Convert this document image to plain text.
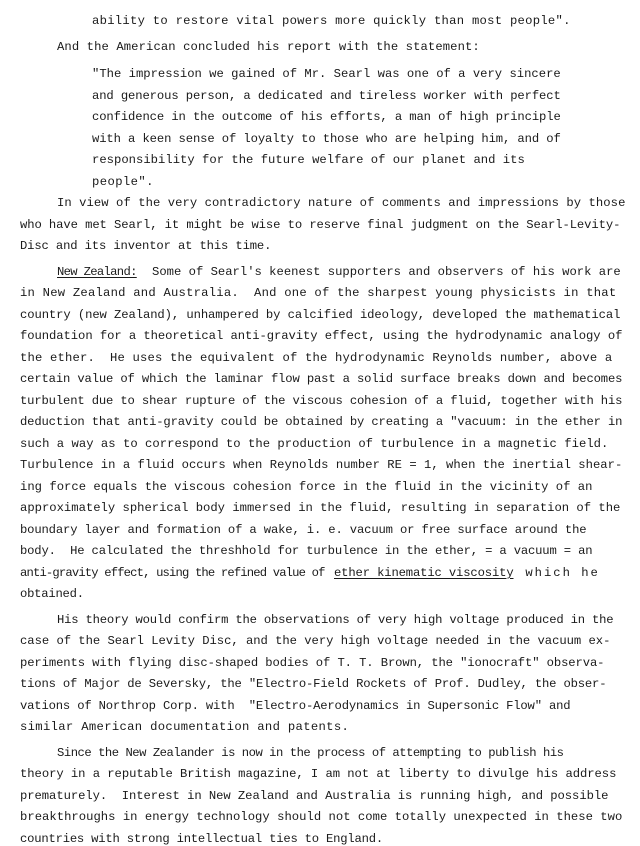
ability to restore vital powers more quickly than most people".
And the American concluded his report with the statement:
"The impression we gained of Mr. Searl was one of a very sincere
and generous person, a dedicated and tireless worker with perfect
confidence in the outcome of his efforts, a man of high principle
with a keen sense of loyalty to those who are helping him, and of
responsibility for the future welfare of our planet and its
people".
In view of the very contradictory nature of comments and impressions by those
who have met Searl, it might be wise to reserve final judgment on the Searl-Levity-
Disc and its inventor at this time.
New Zealand: Some of Searl's keenest supporters and observers of his work are
in New Zealand and Australia.  And one of the sharpest young physicists in that
country (new Zealand), unhampered by calcified ideology, developed the mathematical
foundation for a theoretical anti-gravity effect, using the hydrodynamic analogy of
the ether.  He uses the equivalent of the hydrodynamic Reynolds number, above a
certain value of which the laminar flow past a solid surface breaks down and becomes
turbulent due to shear rupture of the viscous cohesion of a fluid, together with his
deduction that anti-gravity could be obtained by creating a "vacuum: in the ether in
such a way as to correspond to the production of turbulence in a magnetic field.
Turbulence in a fluid occurs when Reynolds number RE = 1, when the inertial shear-
ing force equals the viscous cohesion force in the fluid in the vicinity of an
approximately spherical body immersed in the fluid, resulting in separation of the
boundary layer and formation of a wake, i. e. vacuum or free surface around the
body.  He calculated the threshhold for turbulence in the ether, = a vacuum = an
anti-gravity effect, using the refined value of ether kinematic viscosity which he
obtained.
His theory would confirm the observations of very high voltage produced in the
case of the Searl Levity Disc, and the very high voltage needed in the vacuum ex-
periments with flying disc-shaped bodies of T. T. Brown, the "ionocraft" observa-
tions of Major de Seversky, the "Electro-Field Rockets of Prof. Dudley, the obser-
vations of Northrop Corp. with  "Electro-Aerodynamics in Supersonic Flow" and
similar American documentation and patents.
Since the New Zealander is now in the process of attempting to publish his
theory in a reputable British magazine, I am not at liberty to divulge his address
prematurely.  Interest in New Zealand and Australia is running high, and possible
breakthroughs in energy technology should not come totally unexpected in these two
countries with strong intellectual ties to England.
